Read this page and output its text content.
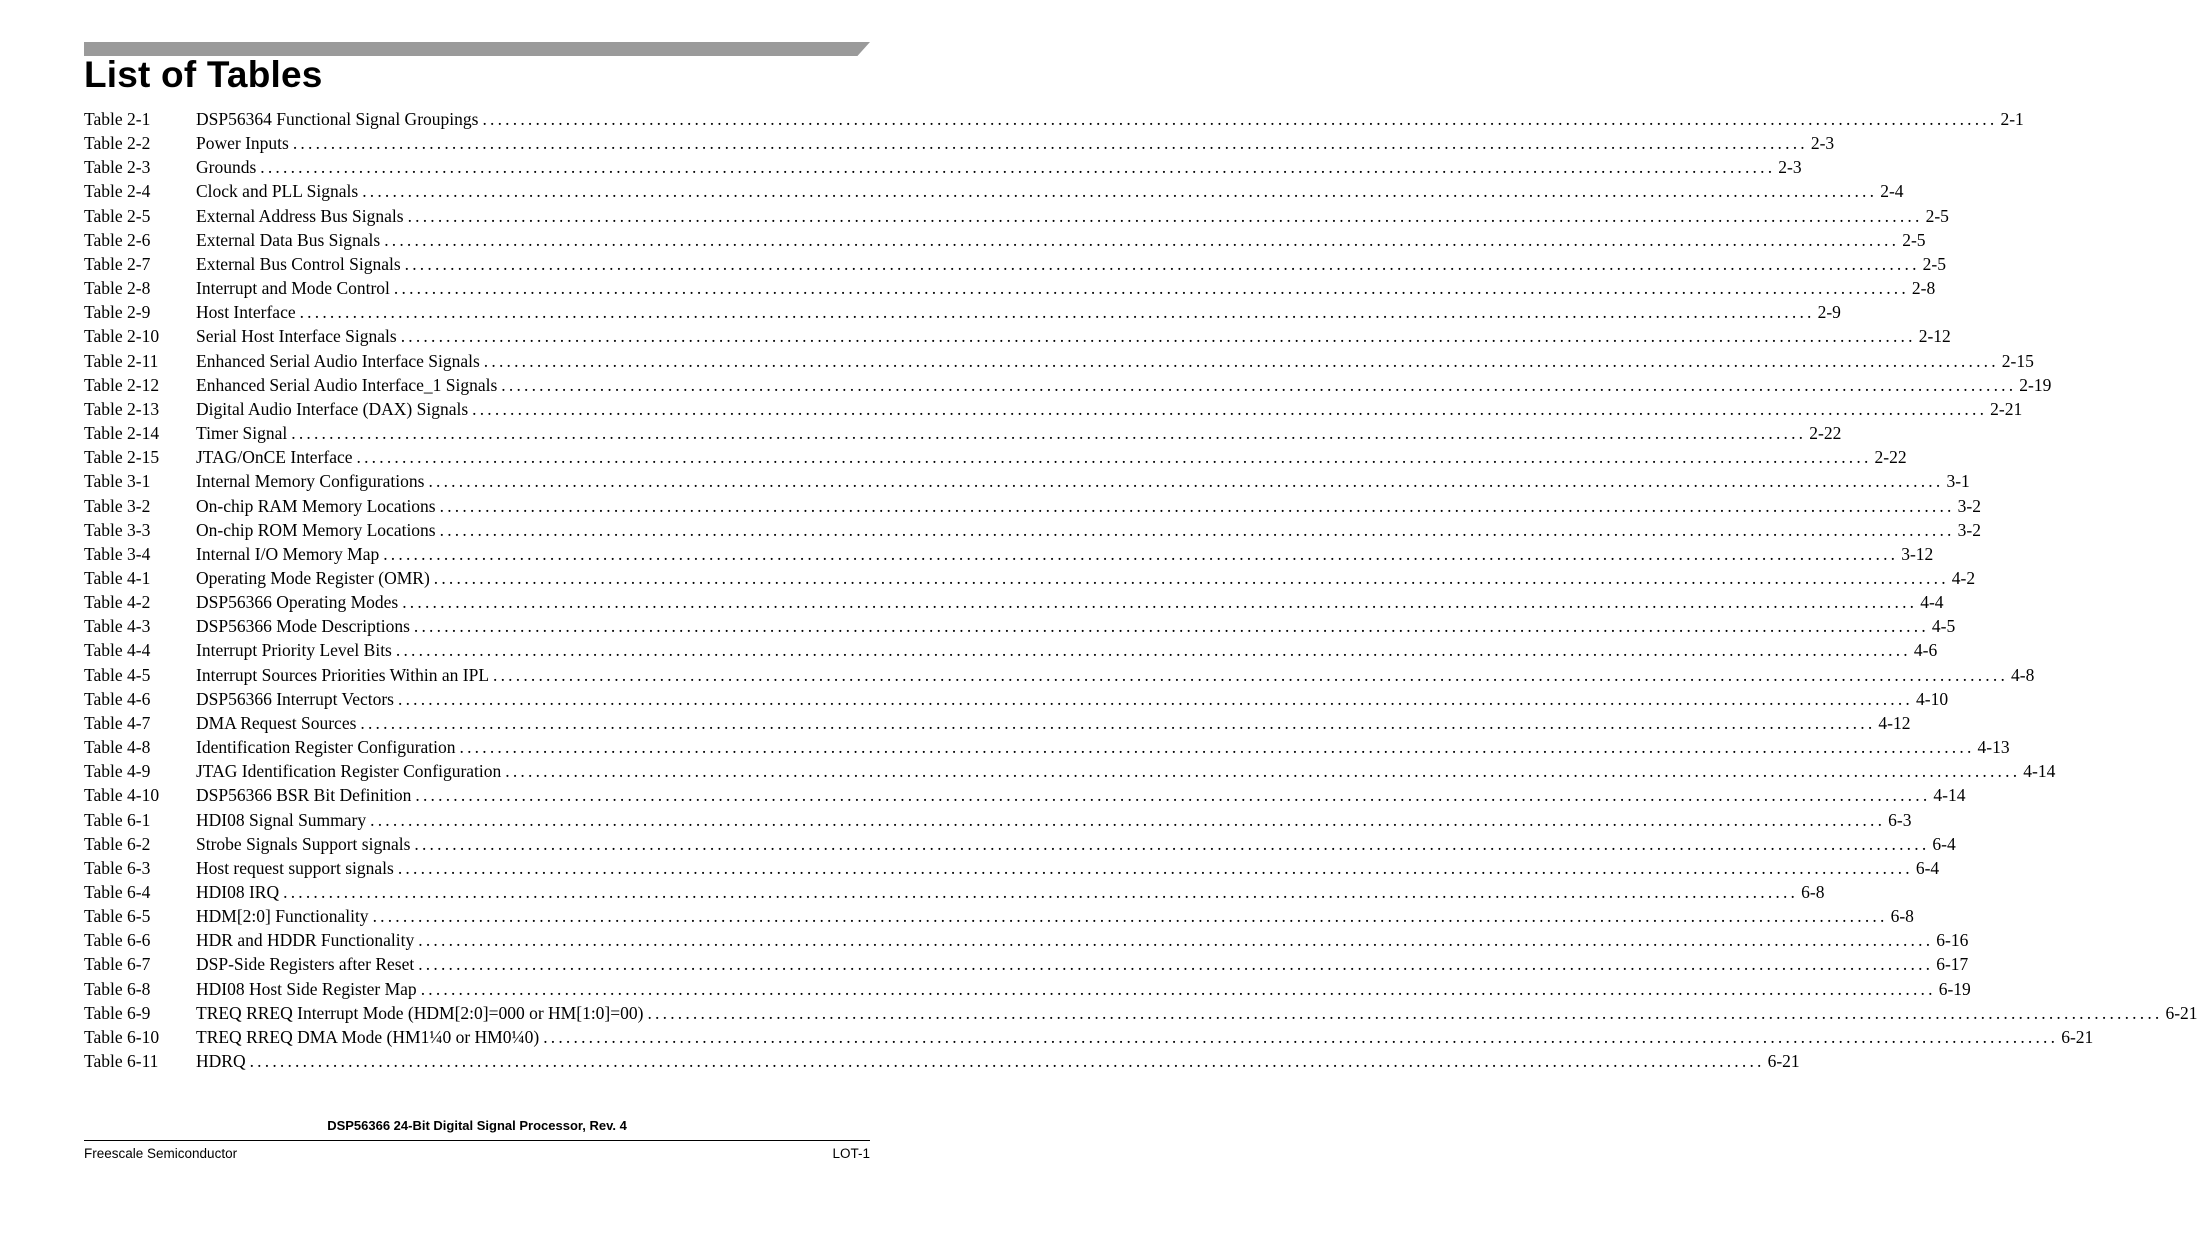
List of Tables
Table 2-1	DSP56364 Functional Signal Groupings ........................................................................................................................................................................................................ 2-1
Table 2-2	Power Inputs ........................................................................................................................................................................................................ 2-3
Table 2-3	Grounds ........................................................................................................................................................................................................ 2-3
Table 2-4	Clock and PLL Signals ........................................................................................................................................................................................................ 2-4
Table 2-5	External Address Bus Signals ........................................................................................................................................................................................................ 2-5
Table 2-6	External Data Bus Signals ........................................................................................................................................................................................................ 2-5
Table 2-7	External Bus Control Signals ........................................................................................................................................................................................................ 2-5
Table 2-8	Interrupt and Mode Control ........................................................................................................................................................................................................ 2-8
Table 2-9	Host Interface ........................................................................................................................................................................................................ 2-9
Table 2-10	Serial Host Interface Signals ........................................................................................................................................................................................................ 2-12
Table 2-11	Enhanced Serial Audio Interface Signals ........................................................................................................................................................................................................ 2-15
Table 2-12	Enhanced Serial Audio Interface_1 Signals ........................................................................................................................................................................................................ 2-19
Table 2-13	Digital Audio Interface (DAX) Signals ........................................................................................................................................................................................................ 2-21
Table 2-14	Timer Signal ........................................................................................................................................................................................................ 2-22
Table 2-15	JTAG/OnCE Interface ........................................................................................................................................................................................................ 2-22
Table 3-1	Internal Memory Configurations ........................................................................................................................................................................................................ 3-1
Table 3-2	On-chip RAM Memory Locations ........................................................................................................................................................................................................ 3-2
Table 3-3	On-chip ROM Memory Locations ........................................................................................................................................................................................................ 3-2
Table 3-4	Internal I/O Memory Map ........................................................................................................................................................................................................ 3-12
Table 4-1	Operating Mode Register (OMR) ........................................................................................................................................................................................................ 4-2
Table 4-2	DSP56366 Operating Modes ........................................................................................................................................................................................................ 4-4
Table 4-3	DSP56366 Mode Descriptions ........................................................................................................................................................................................................ 4-5
Table 4-4	Interrupt Priority Level Bits ........................................................................................................................................................................................................ 4-6
Table 4-5	Interrupt Sources Priorities Within an IPL ........................................................................................................................................................................................................ 4-8
Table 4-6	DSP56366 Interrupt Vectors ........................................................................................................................................................................................................ 4-10
Table 4-7	DMA Request Sources ........................................................................................................................................................................................................ 4-12
Table 4-8	Identification Register Configuration ........................................................................................................................................................................................................ 4-13
Table 4-9	JTAG Identification Register Configuration ........................................................................................................................................................................................................ 4-14
Table 4-10	DSP56366 BSR Bit Definition ........................................................................................................................................................................................................ 4-14
Table 6-1	HDI08 Signal Summary ........................................................................................................................................................................................................ 6-3
Table 6-2	Strobe Signals Support signals ........................................................................................................................................................................................................ 6-4
Table 6-3	Host request support signals ........................................................................................................................................................................................................ 6-4
Table 6-4	HDI08 IRQ ........................................................................................................................................................................................................ 6-8
Table 6-5	HDM[2:0] Functionality ........................................................................................................................................................................................................ 6-8
Table 6-6	HDR and HDDR Functionality ........................................................................................................................................................................................................ 6-16
Table 6-7	DSP-Side Registers after Reset ........................................................................................................................................................................................................ 6-17
Table 6-8	HDI08 Host Side Register Map ........................................................................................................................................................................................................ 6-19
Table 6-9	TREQ RREQ Interrupt Mode (HDM[2:0]=000 or HM[1:0]=00) ........................................................................................................................................................................................................ 6-21
Table 6-10	TREQ RREQ DMA Mode (HM1¼0 or HM0¼0) ........................................................................................................................................................................................................ 6-21
Table 6-11	HDRQ ........................................................................................................................................................................................................ 6-21
DSP56366 24-Bit Digital Signal Processor, Rev. 4
Freescale Semiconductor	LOT-1
